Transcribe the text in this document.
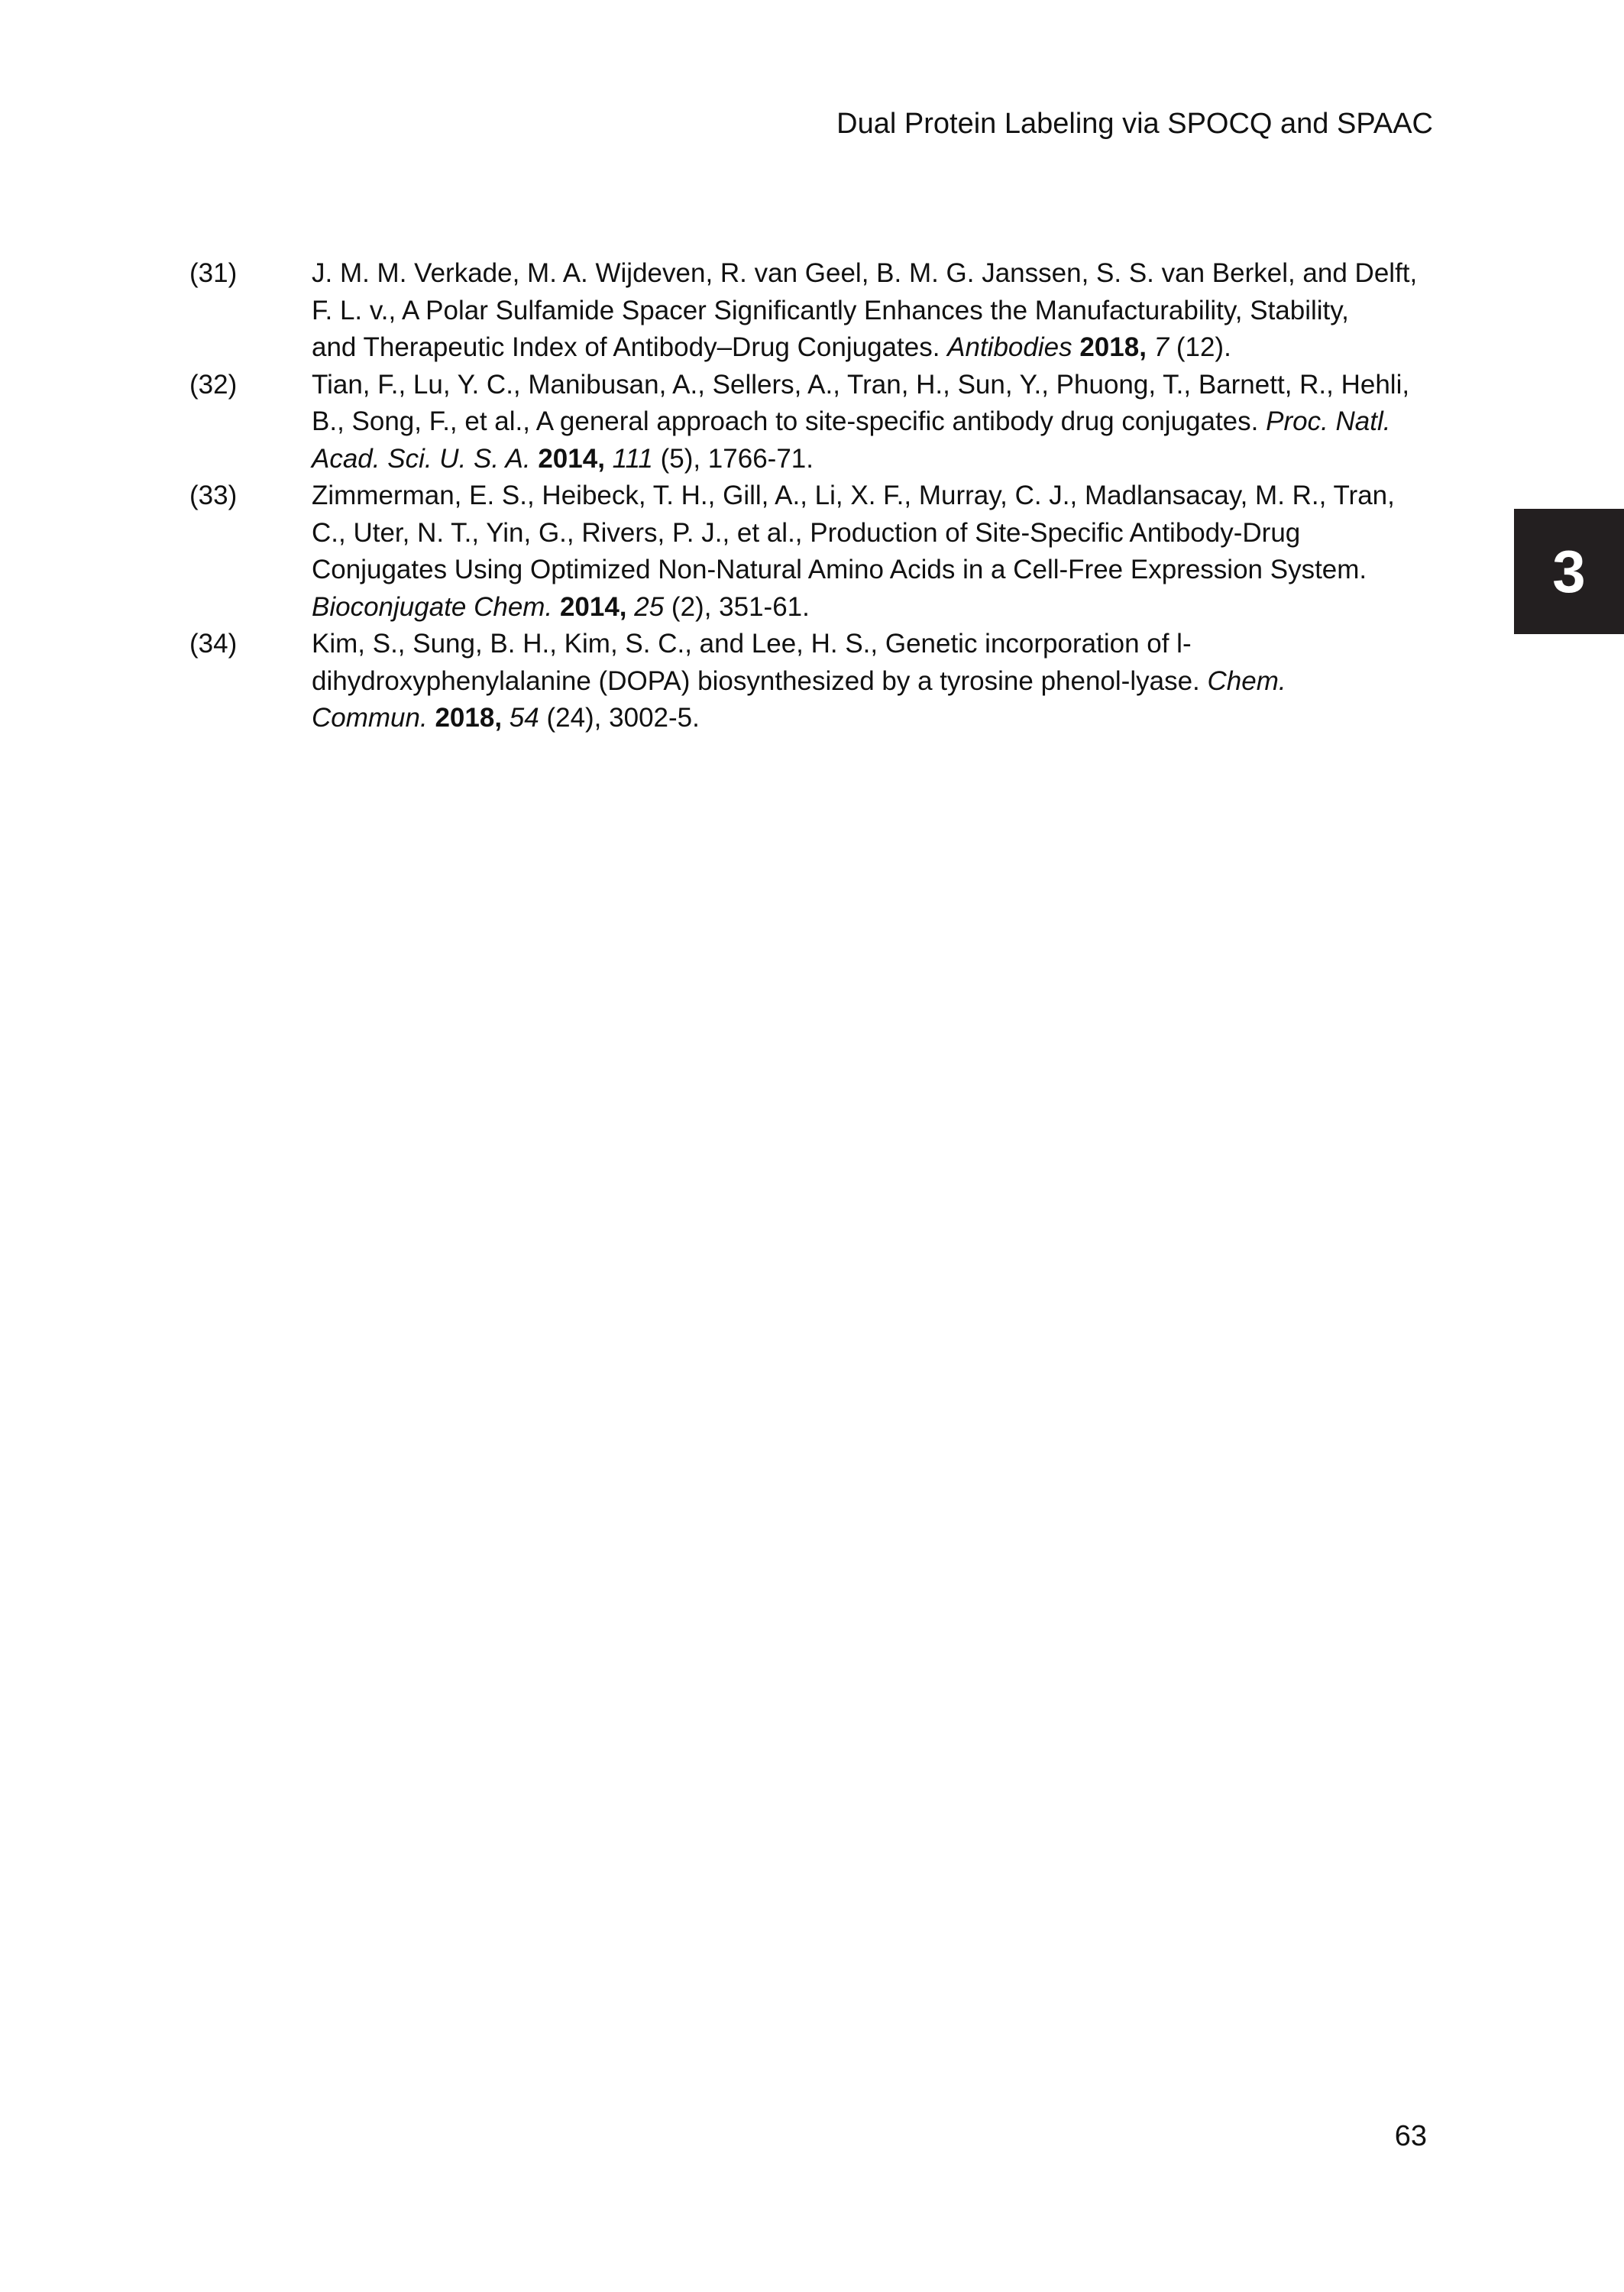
Dual Protein Labeling via SPOCQ and SPAAC
(31)	J. M. M. Verkade, M. A. Wijdeven, R. van Geel, B. M. G. Janssen, S. S. van Berkel, and Delft,
F. L. v., A Polar Sulfamide Spacer Significantly Enhances the Manufacturability, Stability,
and Therapeutic Index of Antibody–Drug Conjugates. Antibodies 2018, 7 (12).
(32)	Tian, F., Lu, Y. C., Manibusan, A., Sellers, A., Tran, H., Sun, Y., Phuong, T., Barnett, R., Hehli,
B., Song, F., et al., A general approach to site-specific antibody drug conjugates. Proc. Natl.
Acad. Sci. U. S. A. 2014, 111 (5), 1766-71.
(33)	Zimmerman, E. S., Heibeck, T. H., Gill, A., Li, X. F., Murray, C. J., Madlansacay, M. R., Tran,
C., Uter, N. T., Yin, G., Rivers, P. J., et al., Production of Site-Specific Antibody-Drug
Conjugates Using Optimized Non-Natural Amino Acids in a Cell-Free Expression System.
Bioconjugate Chem. 2014, 25 (2), 351-61.
(34)	Kim, S., Sung, B. H., Kim, S. C., and Lee, H. S., Genetic incorporation of l-
dihydroxyphenylalanine (DOPA) biosynthesized by a tyrosine phenol-lyase. Chem.
Commun. 2018, 54 (24), 3002-5.
3
63
